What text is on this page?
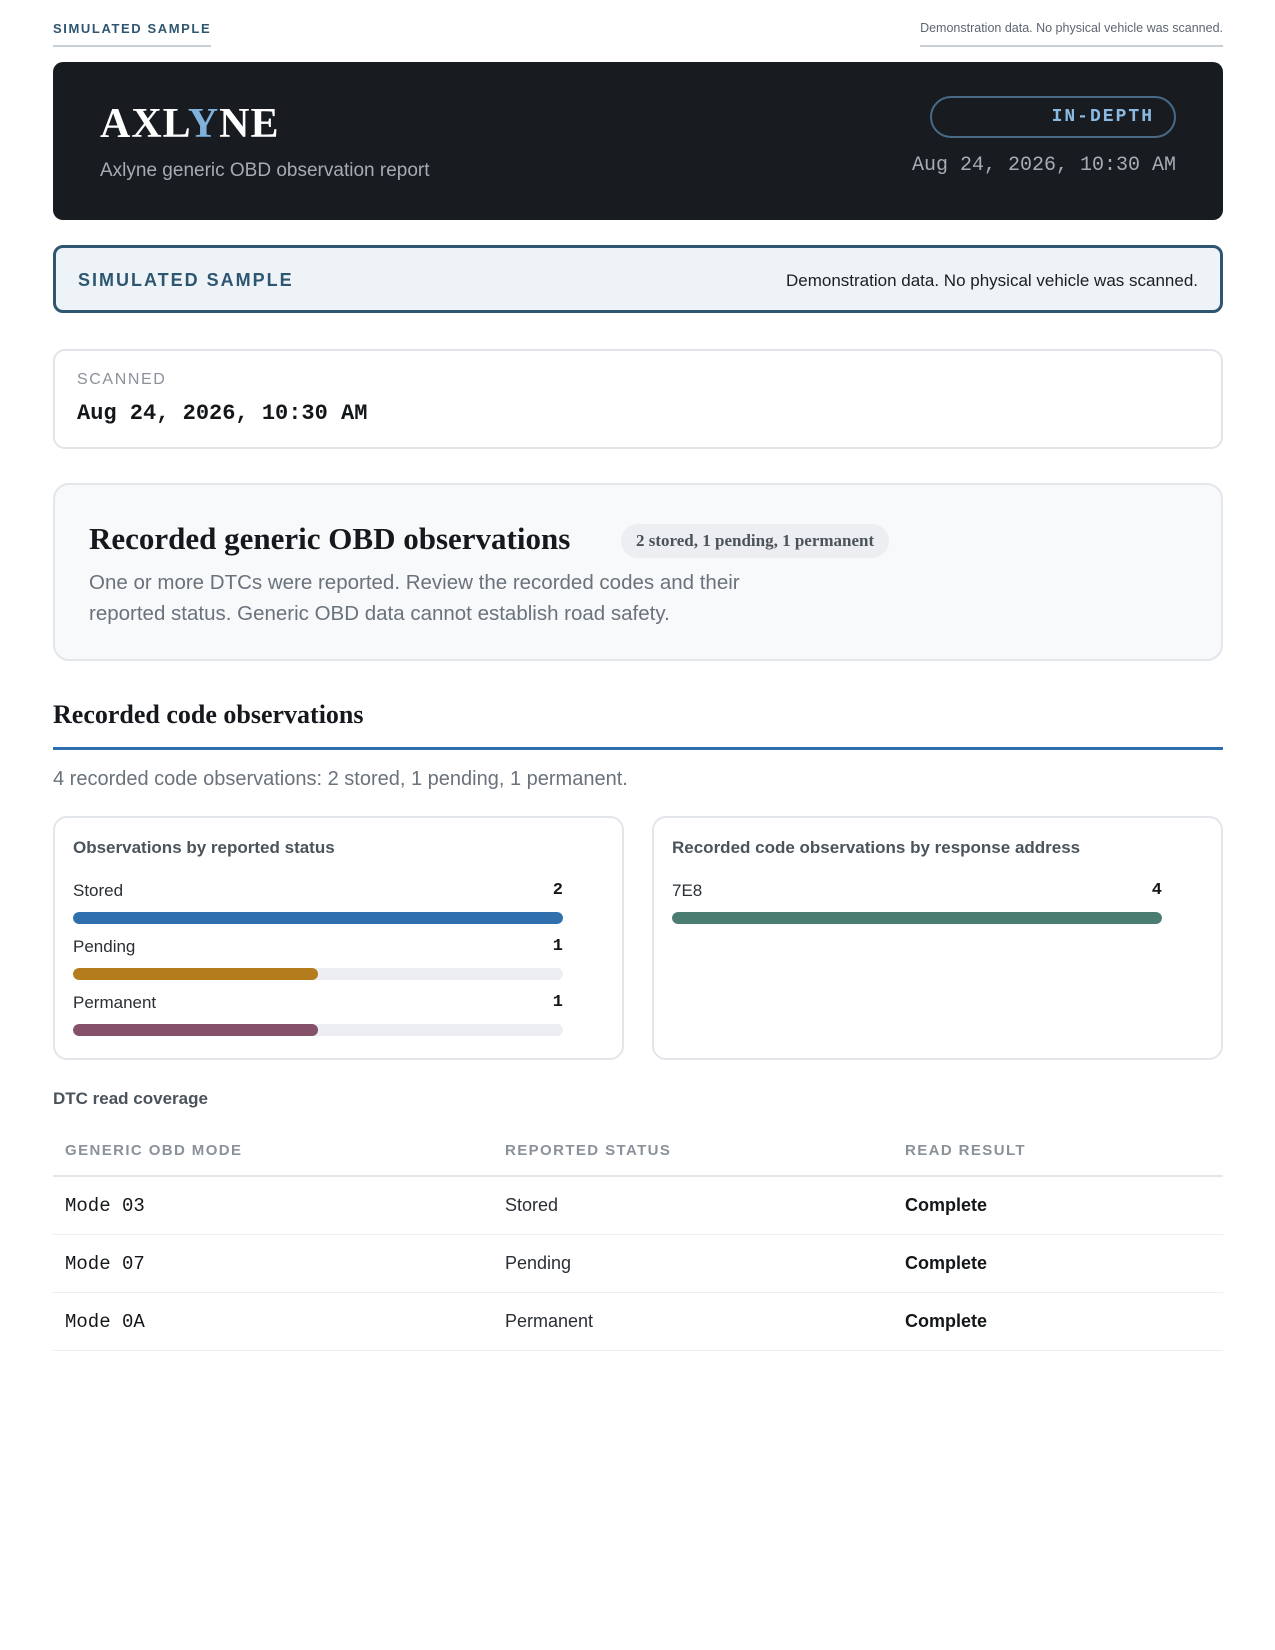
SIMULATED SAMPLE	Demonstration data. No physical vehicle was scanned.
AXLYNE
Axlyne generic OBD observation report
IN-DEPTH
Aug 24, 2026, 10:30 AM
SIMULATED SAMPLE	Demonstration data. No physical vehicle was scanned.
SCANNED
Aug 24, 2026, 10:30 AM
Recorded generic OBD observations	2 stored, 1 pending, 1 permanent
One or more DTCs were reported. Review the recorded codes and their reported status. Generic OBD data cannot establish road safety.
Recorded code observations
4 recorded code observations: 2 stored, 1 pending, 1 permanent.
Observations by reported status
Stored	2
Pending	1
Permanent	1
Recorded code observations by response address
7E8	4
DTC read coverage
GENERIC OBD MODE	REPORTED STATUS	READ RESULT
Mode 03	Stored	Complete
Mode 07	Pending	Complete
Mode 0A	Permanent	Complete
